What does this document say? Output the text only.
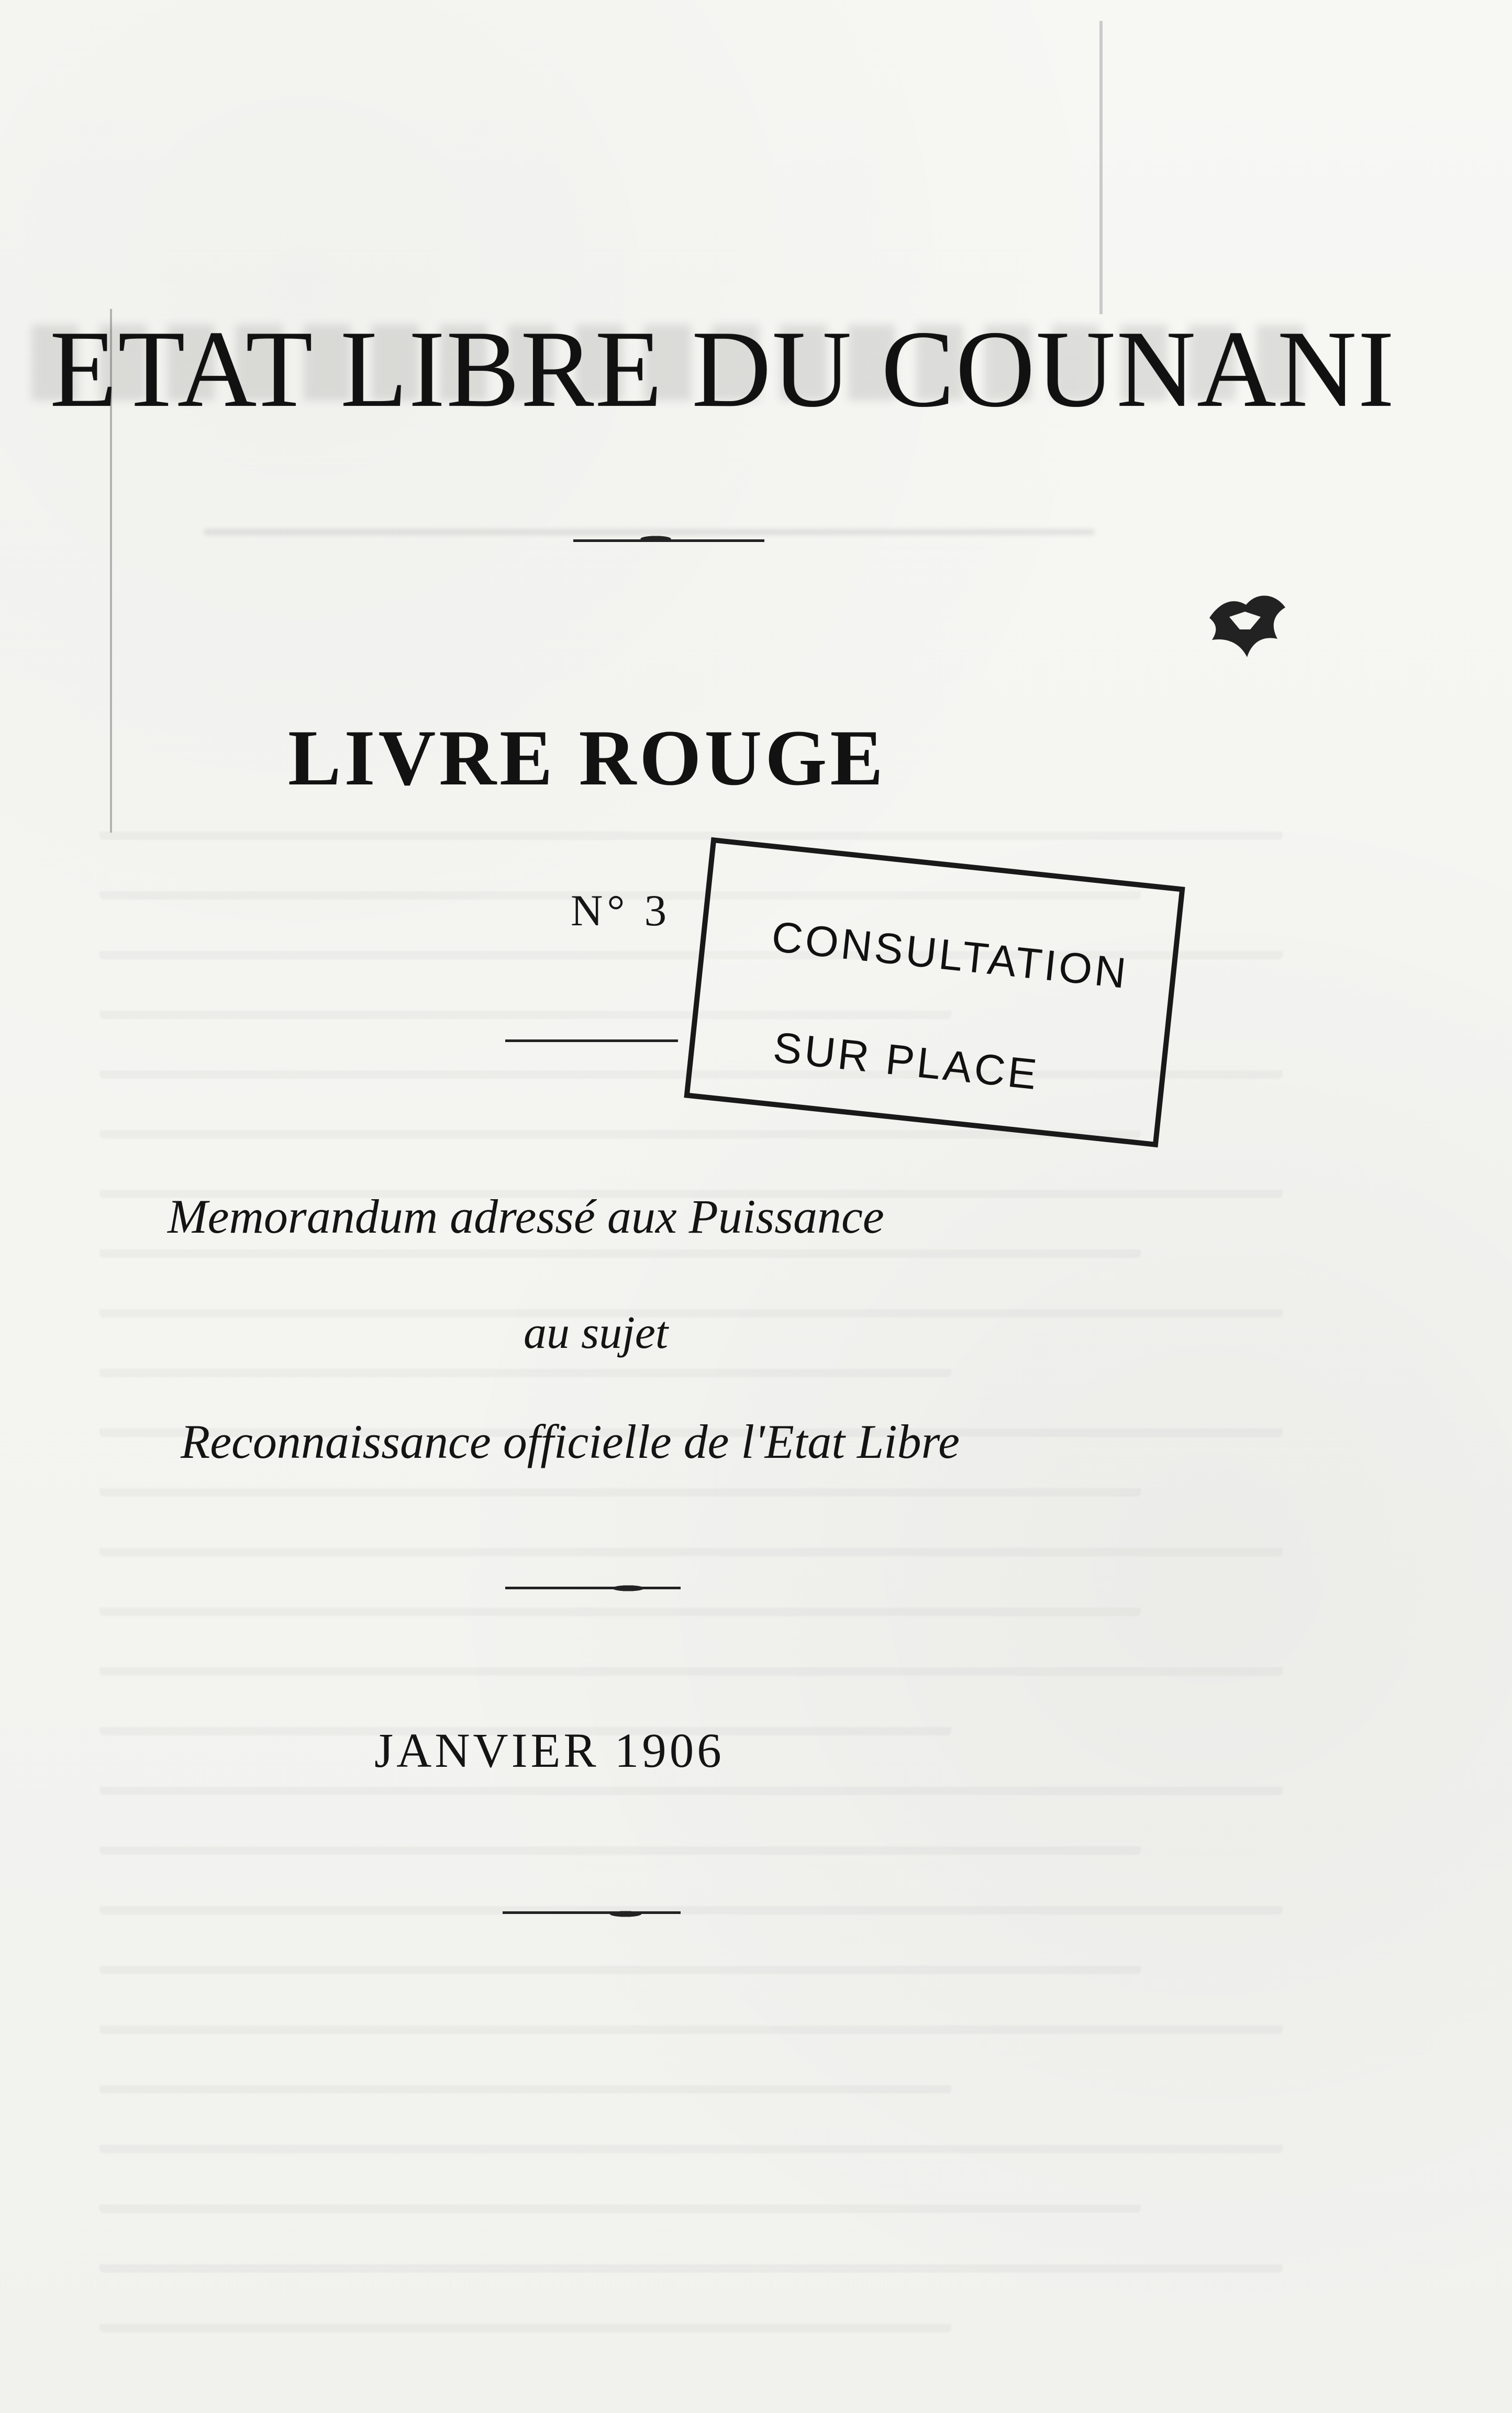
ETAT LIBRE DU COUNANI
LIVRE ROUGE
N° 3
CONSULTATION
SUR PLACE
Memorandum adressé aux Puissance
au sujet
Reconnaissance officielle de l'Etat Libre
JANVIER 1906
